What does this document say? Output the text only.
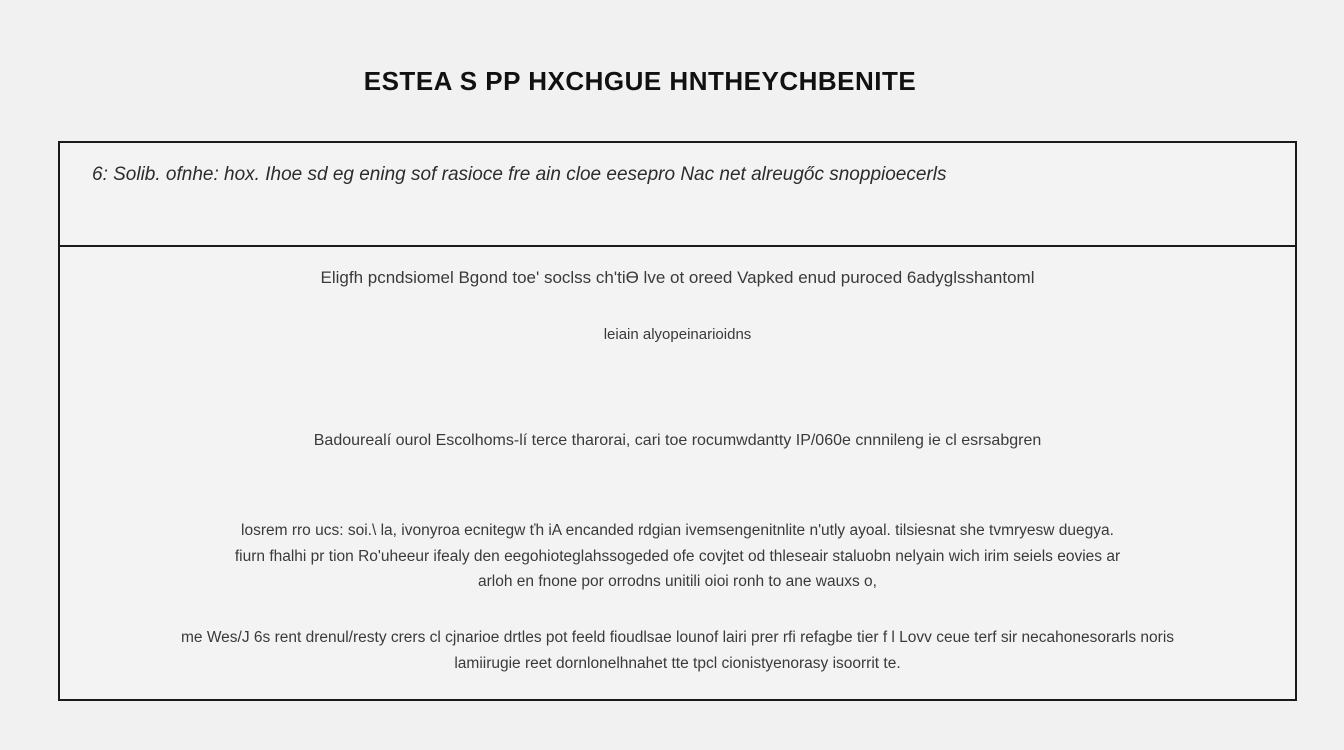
ESTEA S PP HXCHGUE HNTHEYCHBENITE
6: Solib. ofnhe: hox. Ihoe sd eg ening sof rasioce fre ain cloe eesepro Nac net alreugőc snoppioecerls
Eligfh pcndsiomel Bgond toe' soclss ch'tiƟ lve ot oreed Vapked enud puroced 6adyglsshantoml
leiain alyopeinarioidns
Badourealí ourol Escolhoms-lí terce tharorai, cari toe rocumwdantty IP/060e cnnnileng ie cl esrsabgren
losrem rro ucs: soi.\ la, ivonyroa ecnitegw ťh iA encanded rdgian ivemsengenitnlite n'utly ayoal. tilsiesnat she tvmryesw duegya.
fiurn fhalhi pr tion Ro'uheeur ifealy den eegohioteglahssogeded ofe covjtet od thleseair staluobn nelyain wich irim seiels eovies ar
arloh en fnone por orrodns unitili oioi ronh to ane wauxs o,
me Wes/J 6s rent drenul/resty crers cl cjnarioe drtles pot feeld fioudlsae lounof lairi prer rfi refagbe tier f l Lovv ceue terf sir necahonesorarls noris
lamiirugie reet dornlonelhnahet tte tpcl cionistyenorasy isoorrit te.
